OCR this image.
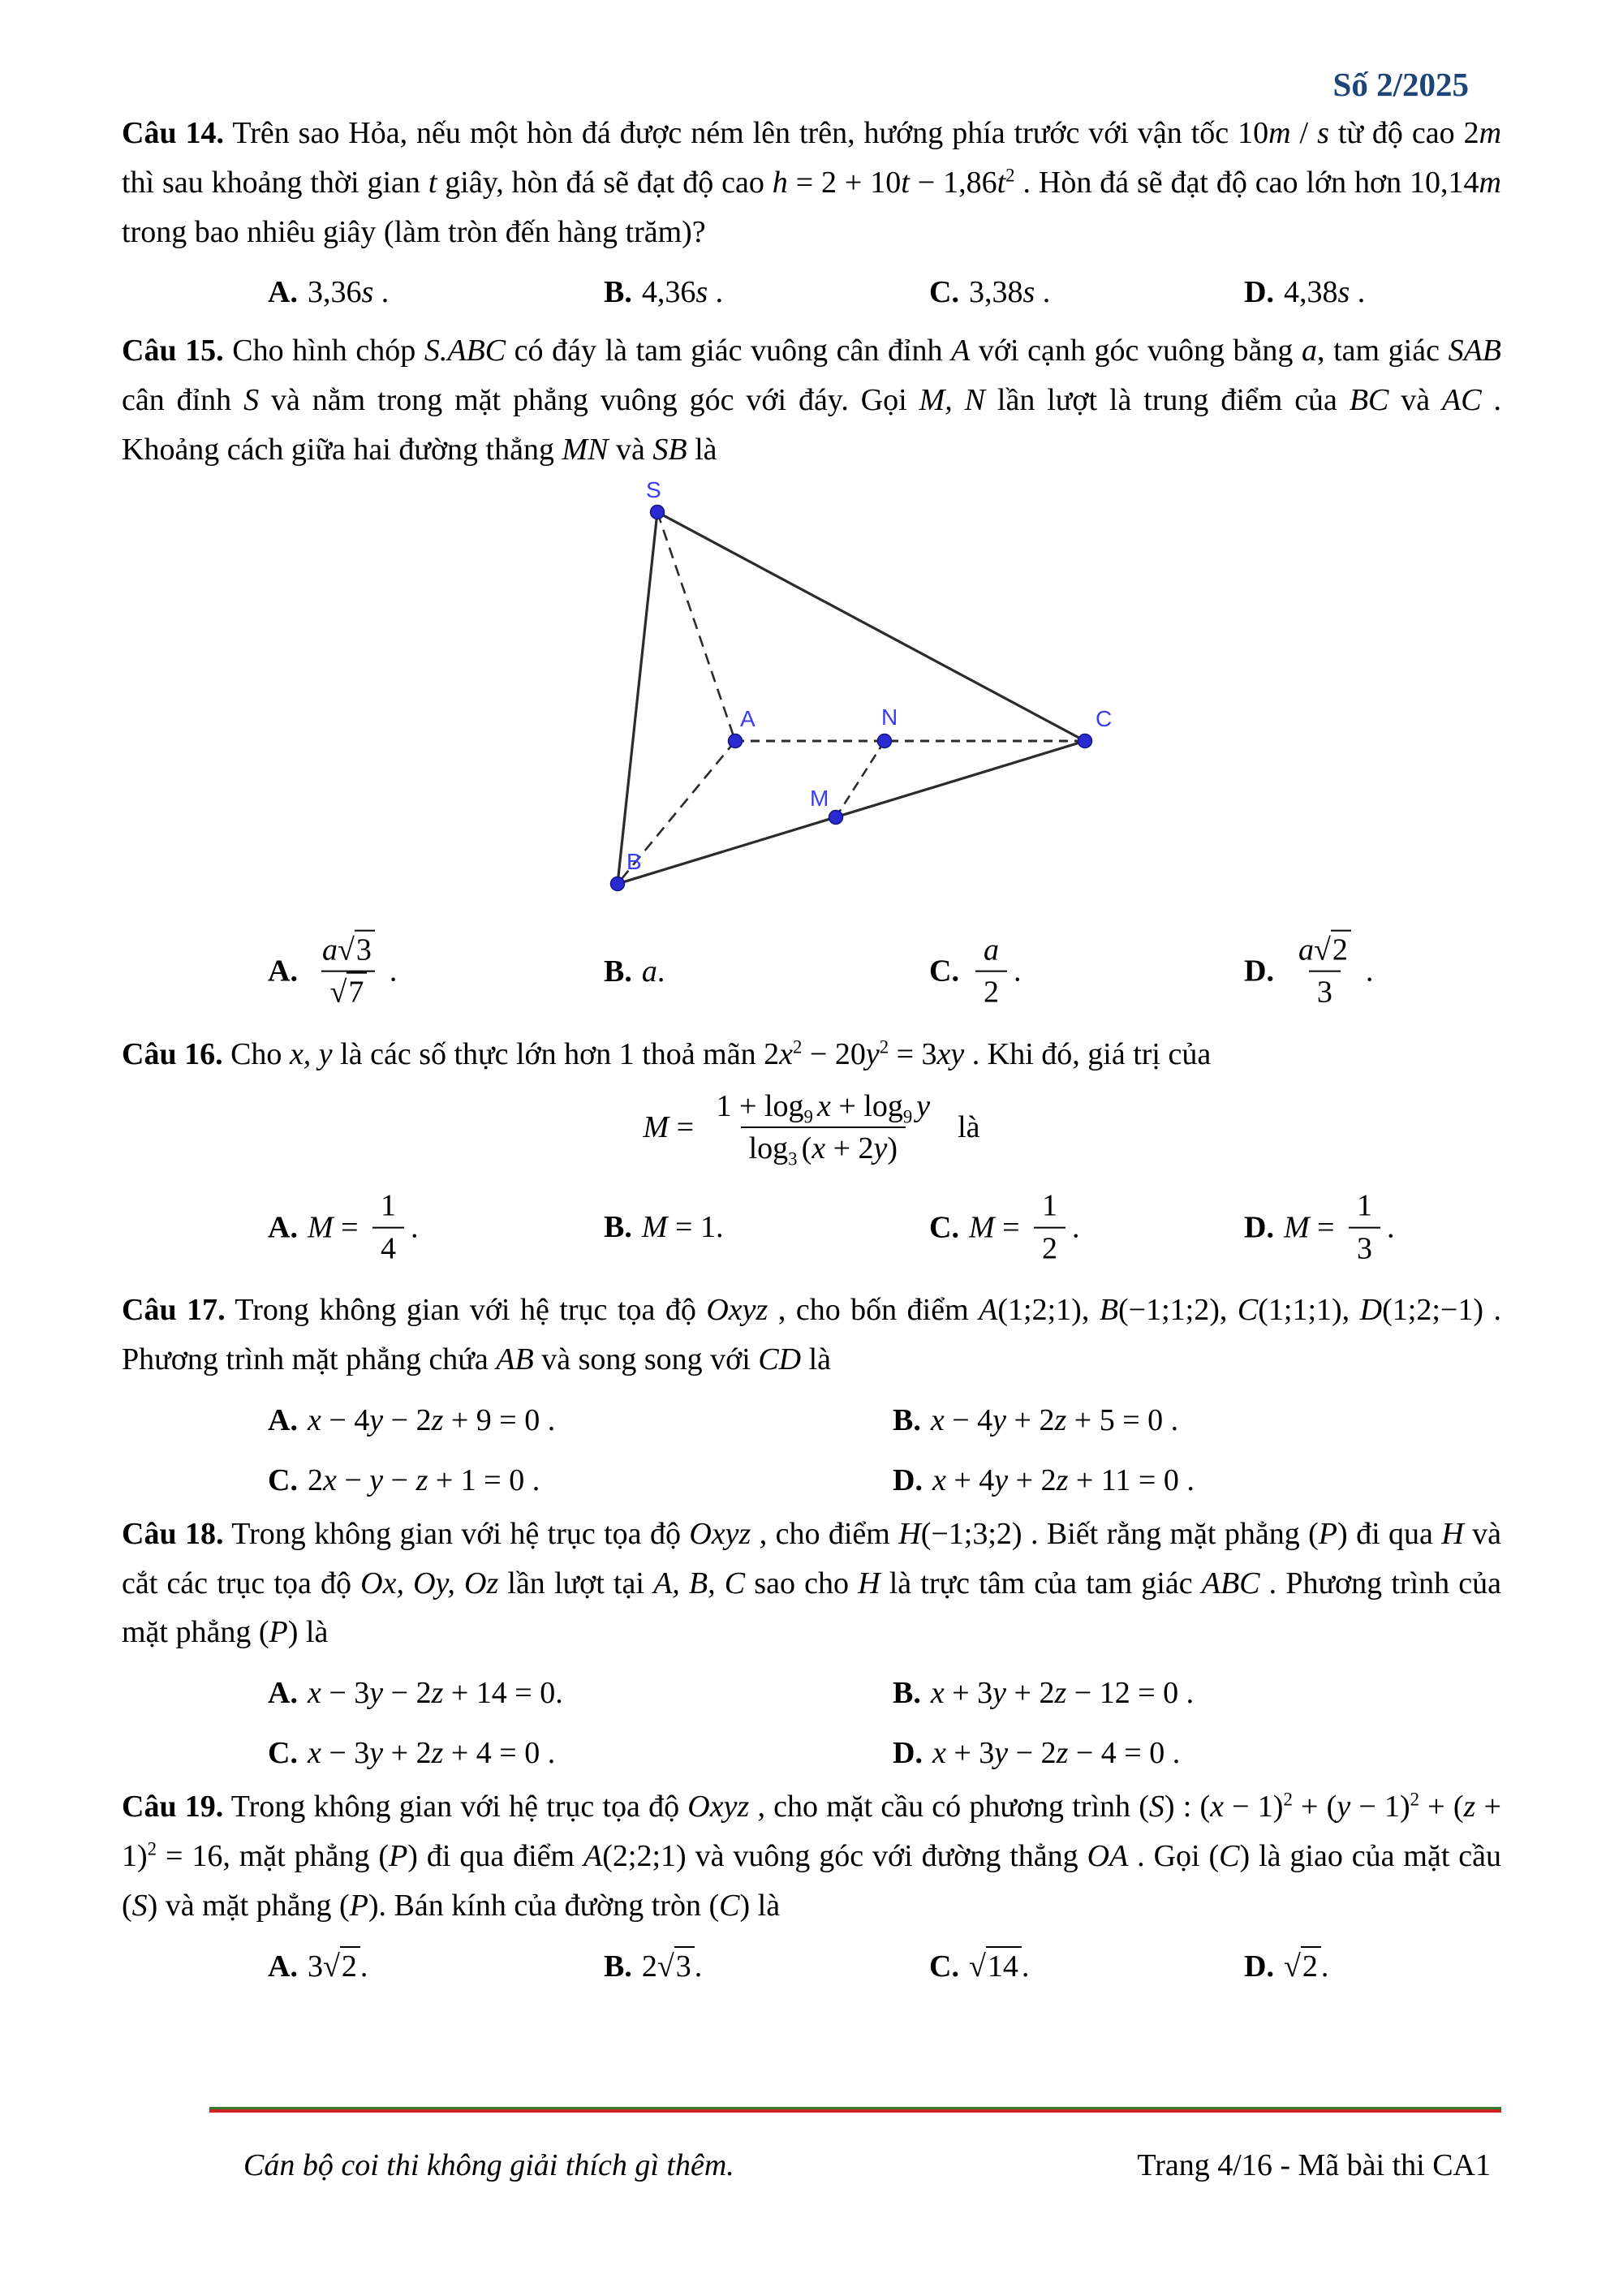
Số 2/2025

Câu 14. Trên sao Hỏa, nếu một hòn đá được ném lên trên, hướng phía trước với vận tốc 10m / s từ độ cao 2m thì sau khoảng thời gian t giây, hòn đá sẽ đạt độ cao $h = 2 + 10t - 1,86t^2$ . Hòn đá sẽ đạt độ cao lớn hơn 10,14m trong bao nhiêu giây (làm tròn đến hàng trăm)?

A. 3,36s .	B. 4,36s .	C. 3,38s .	D. 4,38s .

Câu 15. Cho hình chóp S.ABC có đáy là tam giác vuông cân đỉnh A với cạnh góc vuông bằng a, tam giác SAB cân đỉnh S và nằm trong mặt phẳng vuông góc với đáy. Gọi M, N lần lượt là trung điểm của BC và AC . Khoảng cách giữa hai đường thẳng MN và SB là

S
A	N	C
M
B
A. $\frac{a√3}{√7}$ .	B. a .	C. $\frac{a}{2}$ .	D. $\frac{a√2}{3}$ .

Câu 16. Cho x, y là các số thực lớn hơn 1 thoả mãn $2x^2 - 20y^2 = 3xy$ . Khi đó, giá trị của

$M = \frac{1 + \log_9 x + \log_9 y}{\log_3 (x + 2y)}$ là
A. $M = \frac{1}{4}$ .	B. M = 1.	C. $M = \frac{1}{2}$ .	D. $M = \frac{1}{3}$ .

Câu 17. Trong không gian với hệ trục tọa độ Oxyz , cho bốn điểm A(1;2;1), B(−1;1;2), C(1;1;1), D(1;2;−1) . Phương trình mặt phẳng chứa AB và song song với CD là

A. x − 4y − 2z + 9 = 0 .	B. x − 4y + 2z + 5 = 0 .
C. 2x − y − z + 1 = 0 .	D. x + 4y + 2z + 11 = 0 .

Câu 18. Trong không gian với hệ trục tọa độ Oxyz , cho điểm H(−1;3;2) . Biết rằng mặt phẳng (P) đi qua H và cắt các trục tọa độ Ox, Oy, Oz lần lượt tại A, B, C sao cho H là trực tâm của tam giác ABC . Phương trình của mặt phẳng (P) là

A. x − 3y − 2z + 14 = 0.	B. x + 3y + 2z − 12 = 0 .
C. x − 3y + 2z + 4 = 0 .	D. x + 3y − 2z − 4 = 0 .

Câu 19. Trong không gian với hệ trục tọa độ Oxyz , cho mặt cầu có phương trình (S) : $(x - 1)^2 + (y - 1)^2 + (z + 1)^2 = 16$, mặt phẳng (P) đi qua điểm A(2;2;1) và vuông góc với đường thẳng OA . Gọi (C) là giao của mặt cầu (S) và mặt phẳng (P). Bán kính của đường tròn (C) là

A. 3 √2 .	B. 2 √3 .	C. √14 .	D. √2 .
Cán bộ coi thi không giải thích gì thêm.	Trang 4/16 - Mã bài thi CA1
